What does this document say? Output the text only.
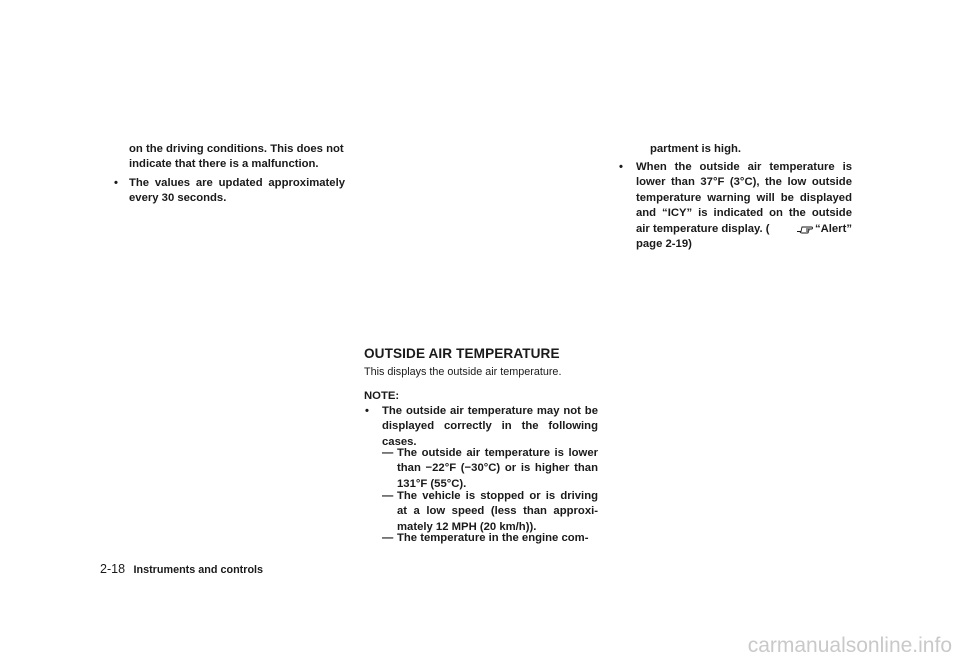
on the driving conditions. This does not
indicate that there is a malfunction.
• The values are updated approximately
every 30 seconds.
OUTSIDE AIR TEMPERATURE
This displays the outside air temperature.
NOTE:
• The outside air temperature may not be
displayed correctly in the following
cases.
— The outside air temperature is lower
than −22°F (−30°C) or is higher than
131°F (55°C).
— The vehicle is stopped or is driving
at a low speed (less than approxi-
mately 12 MPH (20 km/h)).
— The temperature in the engine com-
partment is high.
• When the outside air temperature is
lower than 37°F (3°C), the low outside
temperature warning will be displayed
and “ICY” is indicated on the outside
air temperature display. (	“Alert”
page 2-19)
2-18 Instruments and controls
carmanualsonline.info
